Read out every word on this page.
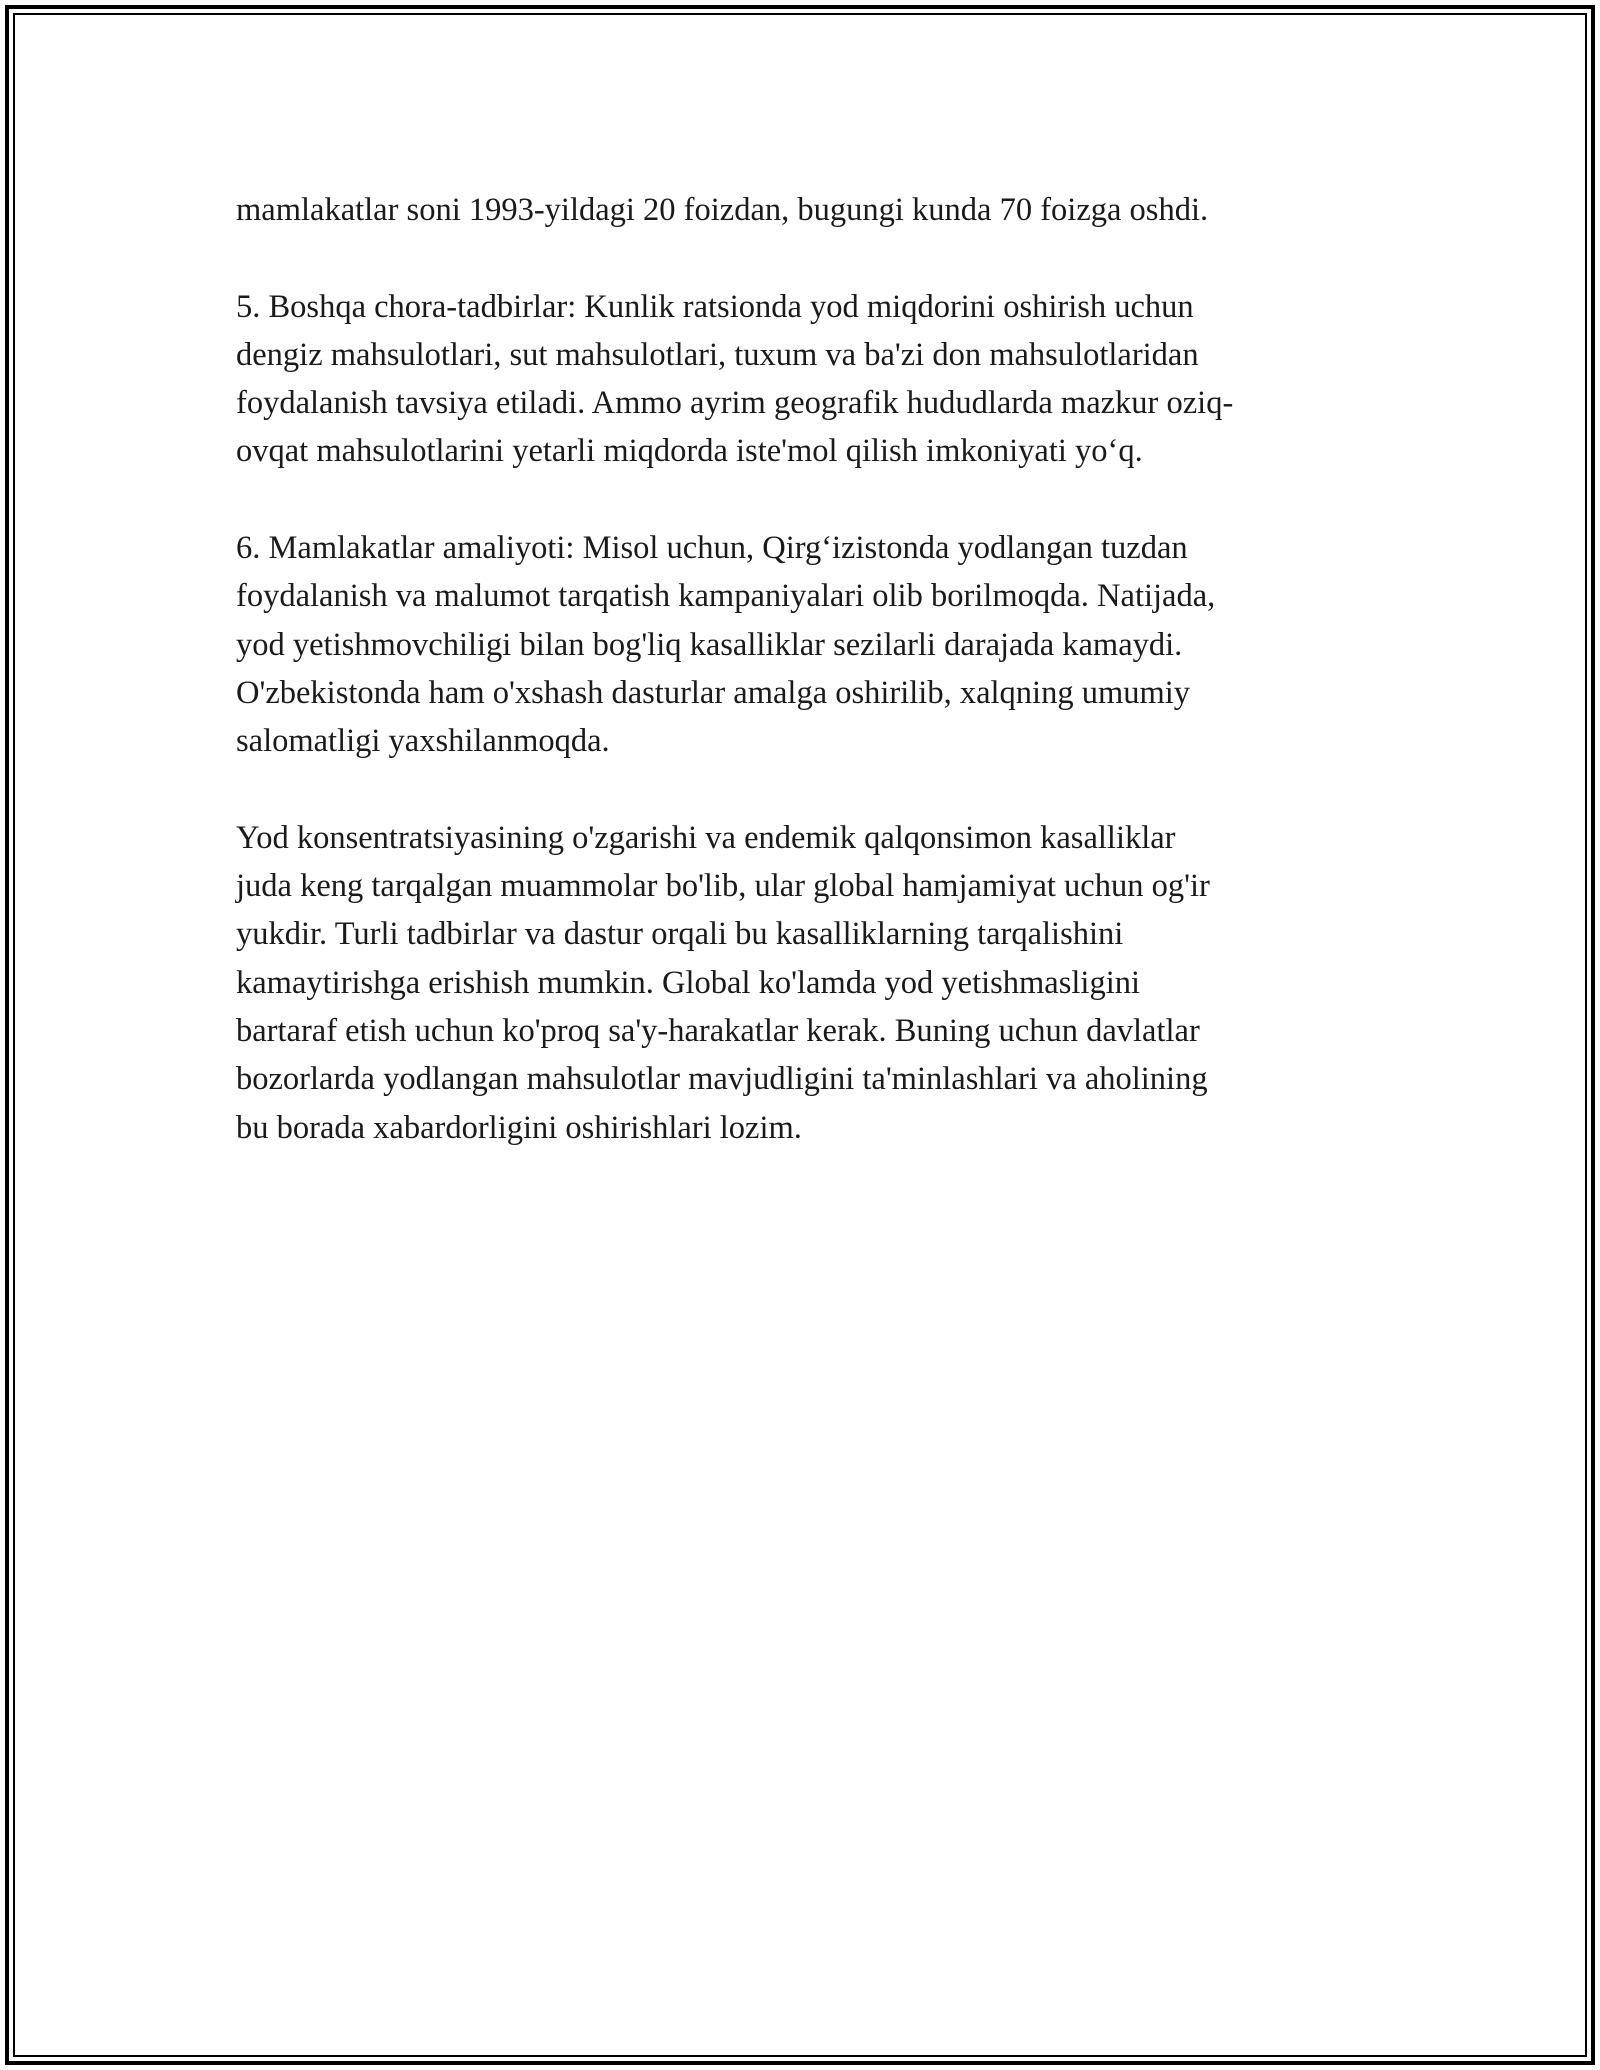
mamlakatlar soni 1993-yildagi 20 foizdan, bugungi kunda 70 foizga oshdi.

5. Boshqa chora-tadbirlar: Kunlik ratsionda yod miqdorini oshirish uchun
dengiz mahsulotlari, sut mahsulotlari, tuxum va ba'zi don mahsulotlaridan
foydalanish tavsiya etiladi. Ammo ayrim geografik hududlarda mazkur oziq-
ovqat mahsulotlarini yetarli miqdorda iste'mol qilish imkoniyati yo‘q.

6. Mamlakatlar amaliyoti: Misol uchun, Qirg‘izistonda yodlangan tuzdan
foydalanish va malumot tarqatish kampaniyalari olib borilmoqda. Natijada,
yod yetishmovchiligi bilan bog'liq kasalliklar sezilarli darajada kamaydi.
O'zbekistonda ham o'xshash dasturlar amalga oshirilib, xalqning umumiy
salomatligi yaxshilanmoqda.

Yod konsentratsiyasining o'zgarishi va endemik qalqonsimon kasalliklar
juda keng tarqalgan muammolar bo'lib, ular global hamjamiyat uchun og'ir
yukdir. Turli tadbirlar va dastur orqali bu kasalliklarning tarqalishini
kamaytirishga erishish mumkin. Global ko'lamda yod yetishmasligini
bartaraf etish uchun ko'proq sa'y-harakatlar kerak. Buning uchun davlatlar
bozorlarda yodlangan mahsulotlar mavjudligini ta'minlashlari va aholining
bu borada xabardorligini oshirishlari lozim.
